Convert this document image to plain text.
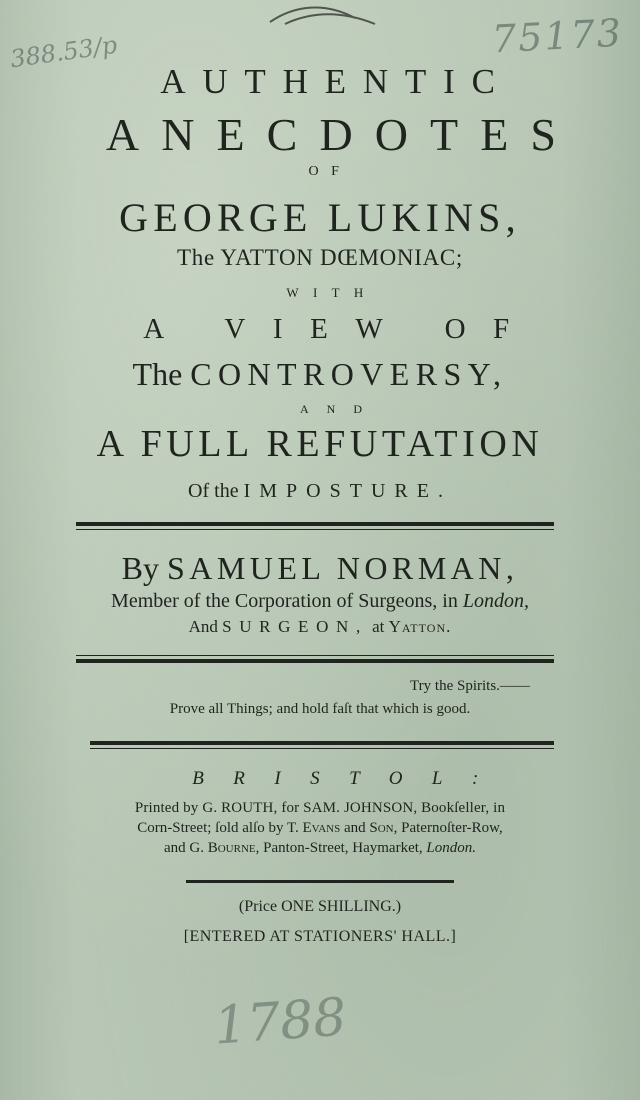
388.53/p	75173
AUTHENTIC
ANECDOTES
OF
GEORGE LUKINS,
The YATTON DŒMONIAC;
WITH
A VIEW OF
The CONTROVERSY,
AND
A FULL REFUTATION
Of the IMPOSTURE.
By SAMUEL NORMAN,
Member of the Corporation of Surgeons, in London,
And SURGEON, at Yatton.
Try the Spirits.——
Prove all Things; and hold faſt that which is good.
BRISTOL:
Printed by G. ROUTH, for SAM. JOHNSON, Bookſeller, in
Corn-Street; ſold alſo by T. Evans and Son, Paternoſter-Row,
and G. Bourne, Panton-Street, Haymarket, London.
(Price ONE SHILLING.)
[ENTERED AT STATIONERS' HALL.]
1788
